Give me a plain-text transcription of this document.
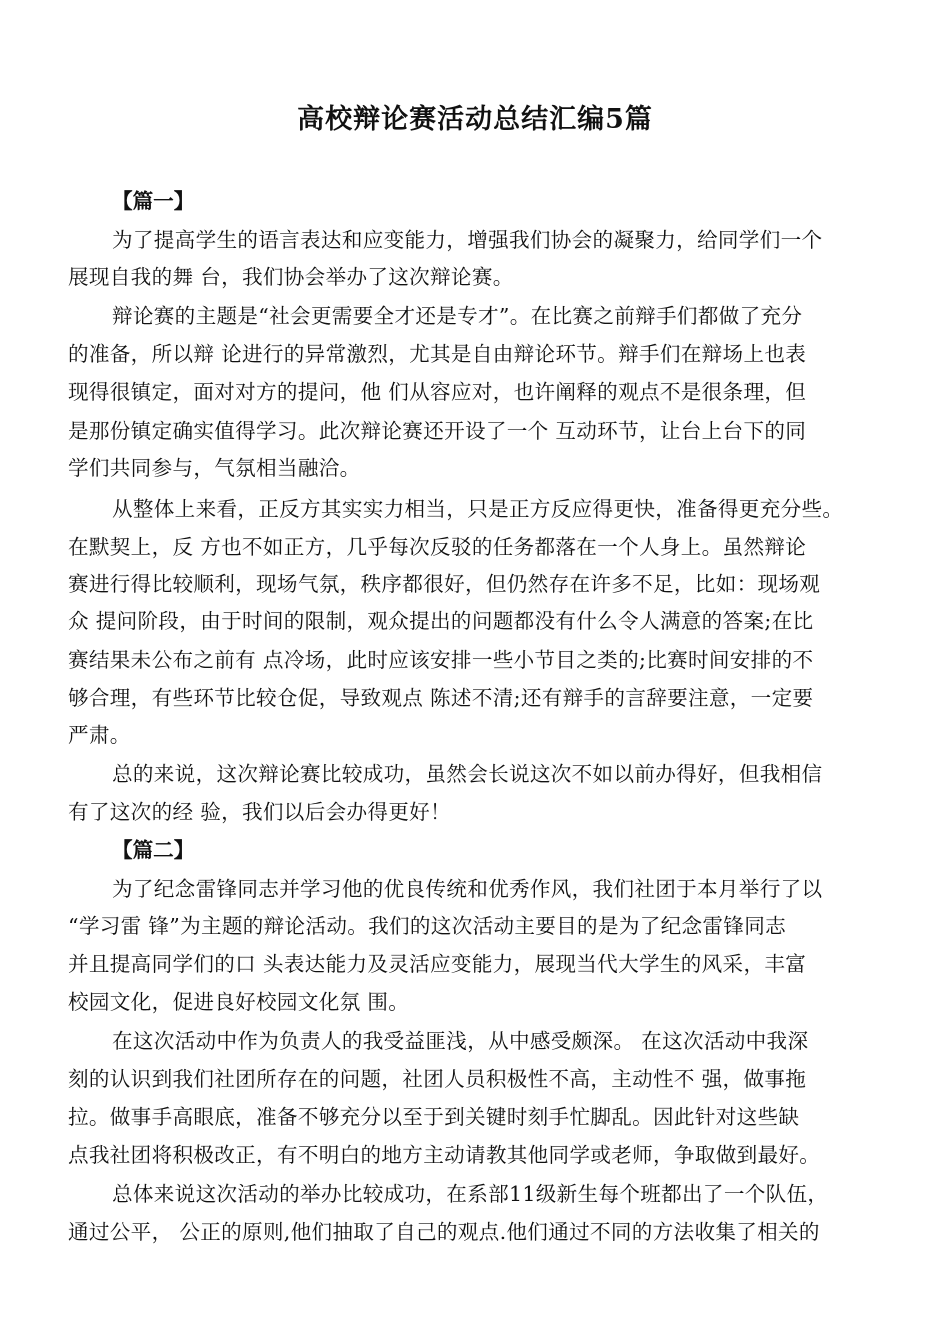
高校辩论赛活动总结汇编5篇
【篇一】
为了提高学生的语言表达和应变能力，增强我们协会的凝聚力，给同学们一个
展现自我的舞 台，我们协会举办了这次辩论赛。
辩论赛的主题是“社会更需要全才还是专才”。在比赛之前辩手们都做了充分
的准备，所以辩 论进行的异常激烈，尤其是自由辩论环节。辩手们在辩场上也表
现得很镇定，面对对方的提问，他 们从容应对，也许阐释的观点不是很条理，但
是那份镇定确实值得学习。此次辩论赛还开设了一个 互动环节，让台上台下的同
学们共同参与，气氛相当融洽。
从整体上来看，正反方其实实力相当，只是正方反应得更快，准备得更充分些。
在默契上，反 方也不如正方，几乎每次反驳的任务都落在一个人身上。虽然辩论
赛进行得比较顺利，现场气氛，秩序都很好，但仍然存在许多不足，比如：现场观
众 提问阶段，由于时间的限制，观众提出的问题都没有什么令人满意的答案;在比
赛结果未公布之前有 点冷场，此时应该安排一些小节目之类的;比赛时间安排的不
够合理，有些环节比较仓促，导致观点 陈述不清;还有辩手的言辞要注意，一定要
严肃。
总的来说，这次辩论赛比较成功，虽然会长说这次不如以前办得好，但我相信
有了这次的经 验，我们以后会办得更好！
【篇二】
为了纪念雷锋同志并学习他的优良传统和优秀作风，我们社团于本月举行了以
“学习雷 锋”为主题的辩论活动。我们的这次活动主要目的是为了纪念雷锋同志
并且提高同学们的口 头表达能力及灵活应变能力，展现当代大学生的风采，丰富
校园文化，促进良好校园文化氛 围。
在这次活动中作为负责人的我受益匪浅，从中感受颇深。 在这次活动中我深
刻的认识到我们社团所存在的问题，社团人员积极性不高，主动性不 强，做事拖
拉。做事手高眼底，准备不够充分以至于到关键时刻手忙脚乱。因此针对这些缺
点我社团将积极改正，有不明白的地方主动请教其他同学或老师，争取做到最好。
总体来说这次活动的举办比较成功，在系部11级新生每个班都出了一个队伍，
通过公平， 公正的原则,他们抽取了自己的观点.他们通过不同的方法收集了相关的
